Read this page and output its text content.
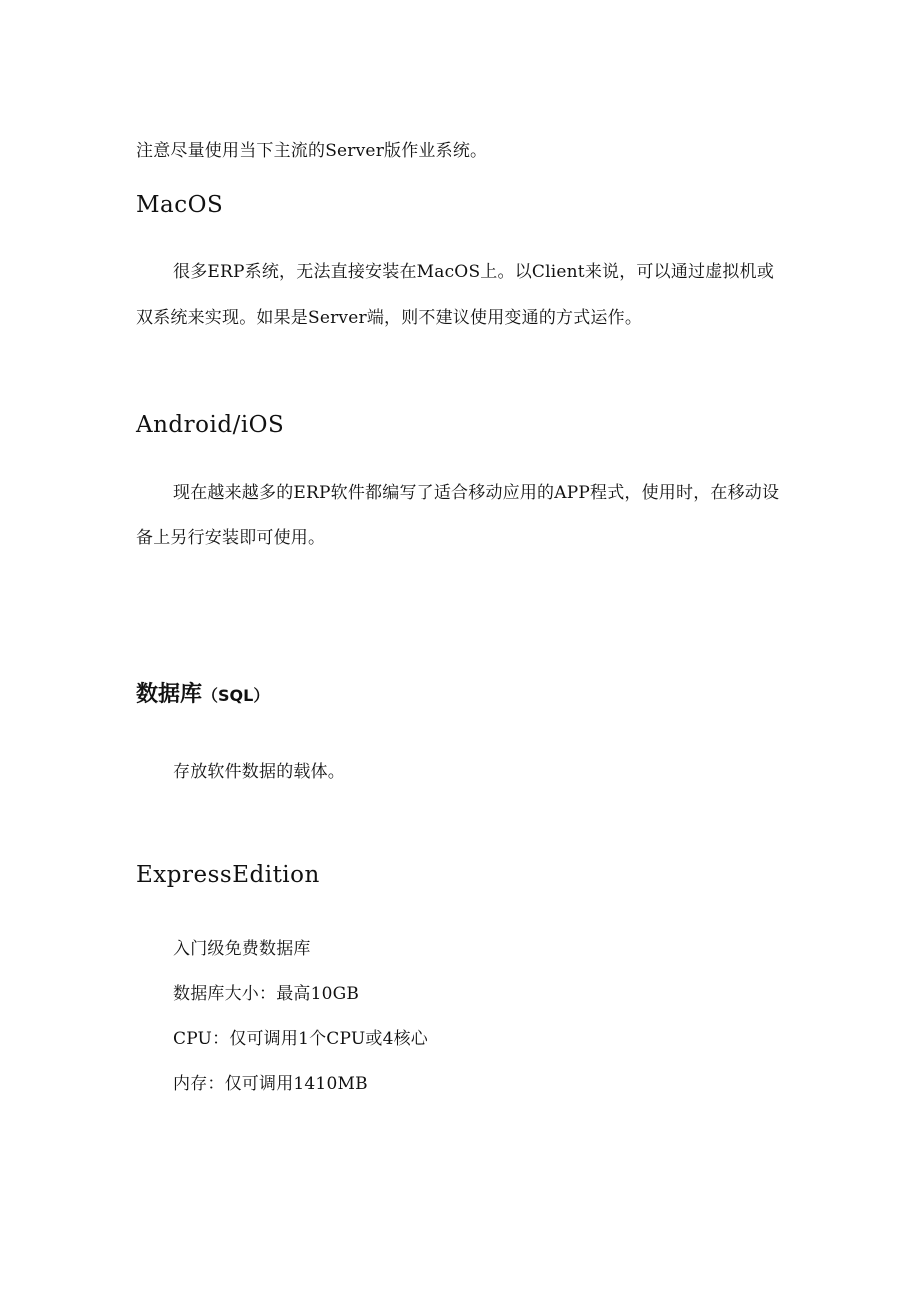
注意尽量使用当下主流的Server版作业系统。
MacOS
很多ERP系统，无法直接安装在MacOS上。以Client来说，可以通过虚拟机或
双系统来实现。如果是Server端，则不建议使用变通的方式运作。
Android/iOS
现在越来越多的ERP软件都编写了适合移动应用的APP程式，使用时，在移动设
备上另行安装即可使用。
数据库（SQL）
存放软件数据的载体。
ExpressEdition
入门级免费数据库
数据库大小：最高10GB
CPU：仅可调用1个CPU或4核心
内存：仅可调用1410MB
